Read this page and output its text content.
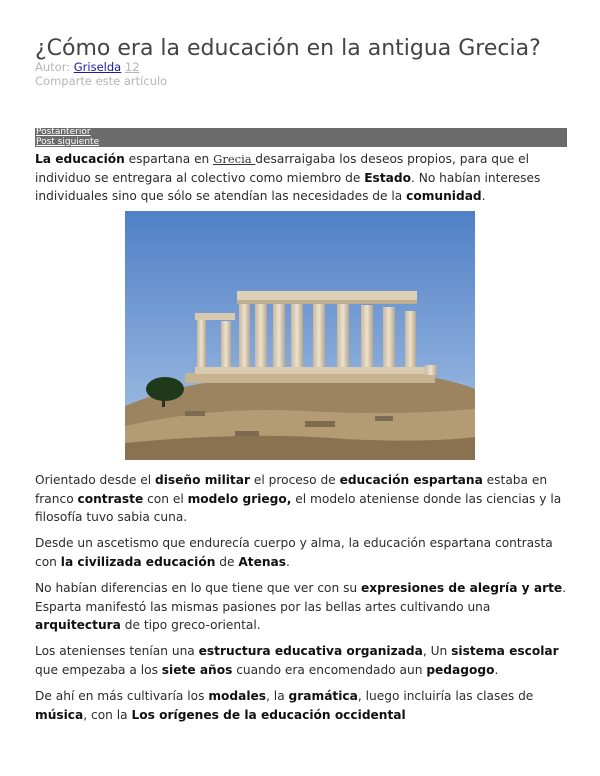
¿Cómo era la educación en la antigua Grecia?
Autor: Griselda 12
Comparte este artículo
Postanterior
Post siguiente

La educación espartana en Grecia desarraigaba los deseos propios, para que el individuo se entregara al colectivo como miembro de Estado. No habían intereses individuales sino que sólo se atendían las necesidades de la comunidad.

Orientado desde el diseño militar el proceso de educación espartana estaba en franco contraste con el modelo griego, el modelo ateniense donde las ciencias y la filosofía tuvo sabia cuna.

Desde un ascetismo que endurecía cuerpo y alma, la educación espartana contrasta con la civilizada educación de Atenas.

No habían diferencias en lo que tiene que ver con su expresiones de alegría y arte. Esparta manifestó las mismas pasiones por las bellas artes cultivando una arquitectura de tipo greco-oriental.

Los atenienses tenían una estructura educativa organizada, Un sistema escolar que empezaba a los siete años cuando era encomendado aun pedagogo.

De ahí en más cultivaría los modales, la gramática, luego incluiría las clases de música, con la Los orígenes de la educación occidental
